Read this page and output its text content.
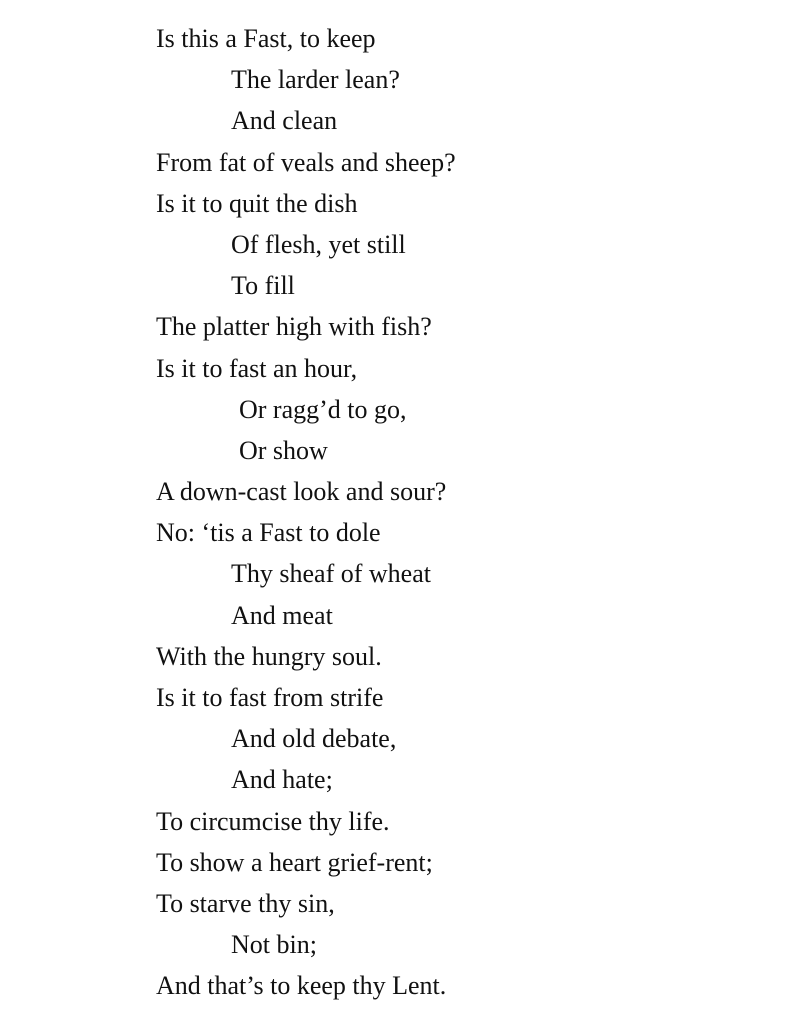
Is this a Fast, to keep
The larder lean?
And clean
From fat of veals and sheep?
Is it to quit the dish
Of flesh, yet still
To fill
The platter high with fish?
Is it to fast an hour,
Or ragg’d to go,
Or show
A down-cast look and sour?
No: ‘tis a Fast to dole
Thy sheaf of wheat
And meat
With the hungry soul.
Is it to fast from strife
And old debate,
And hate;
To circumcise thy life.
To show a heart grief-rent;
To starve thy sin,
Not bin;
And that’s to keep thy Lent.
